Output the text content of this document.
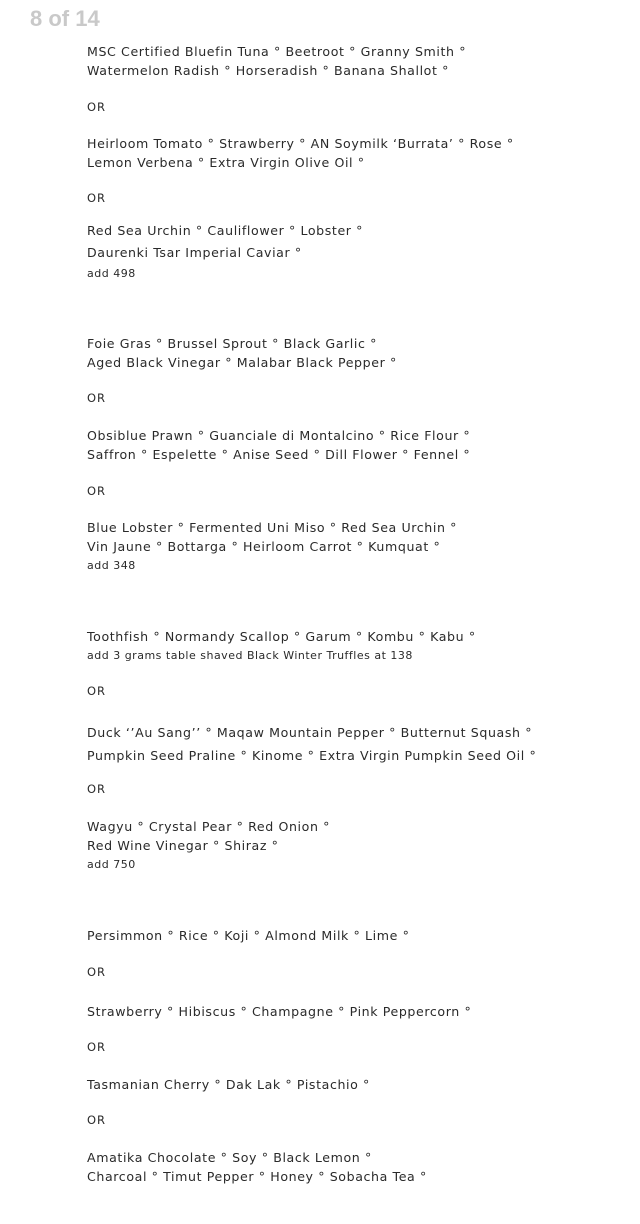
8 of 14
MSC Certified Bluefin Tuna ° Beetroot ° Granny Smith °
Watermelon Radish ° Horseradish ° Banana Shallot °
OR
Heirloom Tomato ° Strawberry ° AN Soymilk ‘Burrata’ ° Rose °
Lemon Verbena ° Extra Virgin Olive Oil °
OR
Red Sea Urchin ° Cauliflower ° Lobster °
Daurenki Tsar Imperial Caviar °
add 498
Foie Gras ° Brussel Sprout ° Black Garlic °
Aged Black Vinegar ° Malabar Black Pepper °
OR
Obsiblue Prawn ° Guanciale di Montalcino ° Rice Flour °
Saffron ° Espelette ° Anise Seed ° Dill Flower ° Fennel °
OR
Blue Lobster ° Fermented Uni Miso ° Red Sea Urchin °
Vin Jaune ° Bottarga ° Heirloom Carrot ° Kumquat °
add 348
Toothfish ° Normandy Scallop ° Garum ° Kombu ° Kabu °
add 3 grams table shaved Black Winter Truffles at 138
OR
Duck ‘’Au Sang’’ ° Maqaw Mountain Pepper ° Butternut Squash °
Pumpkin Seed Praline ° Kinome ° Extra Virgin Pumpkin Seed Oil °
OR
Wagyu ° Crystal Pear ° Red Onion °
Red Wine Vinegar ° Shiraz °
add 750
Persimmon ° Rice ° Koji ° Almond Milk ° Lime °
OR
Strawberry ° Hibiscus ° Champagne ° Pink Peppercorn °
OR
Tasmanian Cherry ° Dak Lak ° Pistachio °
OR
Amatika Chocolate ° Soy ° Black Lemon °
Charcoal ° Timut Pepper ° Honey ° Sobacha Tea °
